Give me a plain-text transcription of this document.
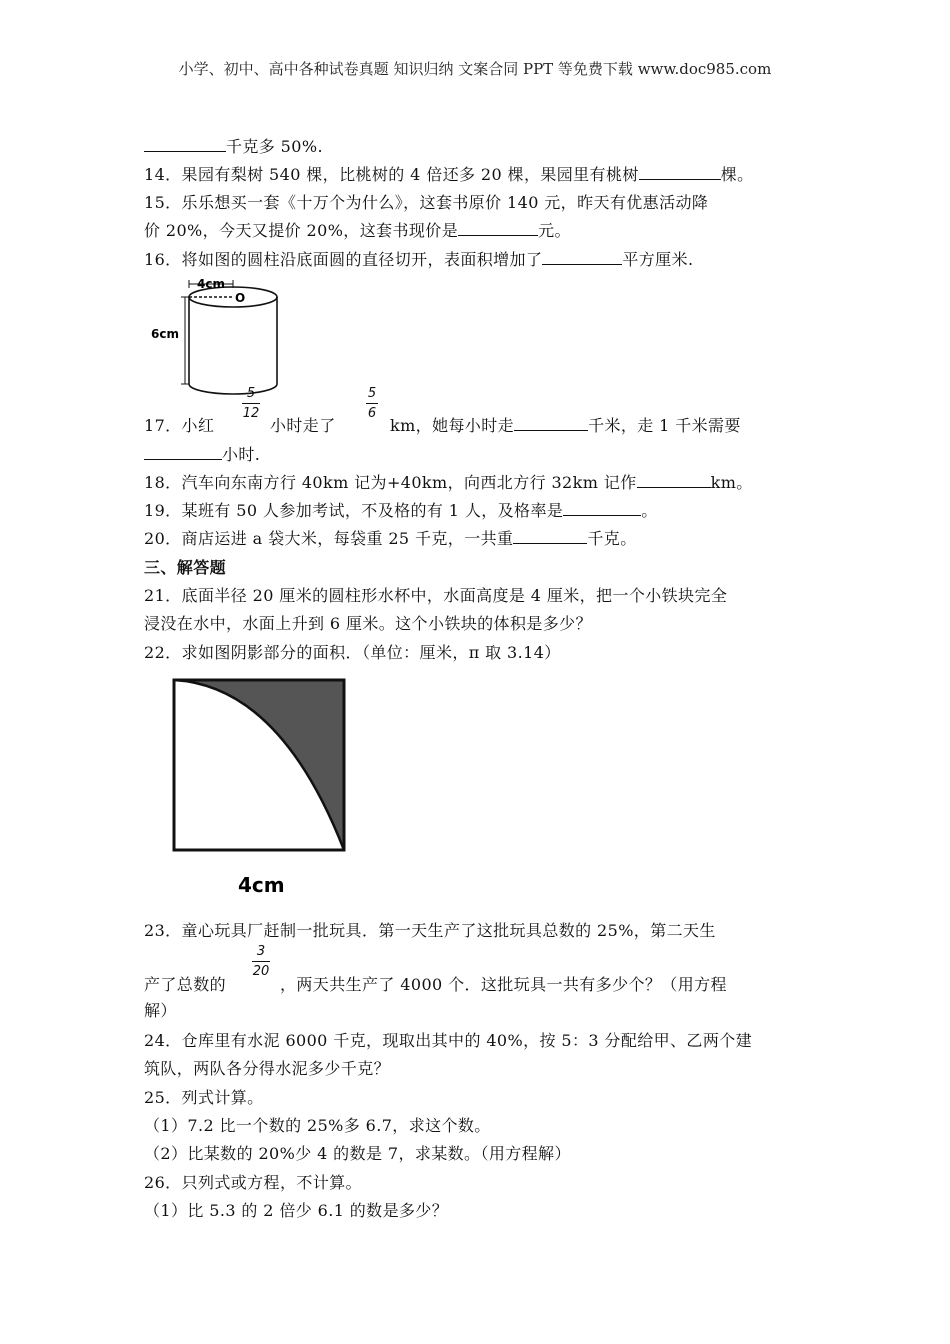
小学、初中、高中各种试卷真题 知识归纳 文案合同 PPT 等免费下载 www.doc985.com
千克多 50%.
14．果园有梨树 540 棵，比桃树的 4 倍还多 20 棵，果园里有桃树	棵。
15．乐乐想买一套《十万个为什么》，这套书原价 140 元，昨天有优惠活动降
价 20%，今天又提价 20%，这套书现价是	元。
16．将如图的圆柱沿底面圆的直径切开，表面积增加了	平方厘米.
4cm
O
6cm
17．小红
5
12
小时走了
5
6
km，她每小时走	千米，走 1 千米需要
小时.
18．汽车向东南方行 40km 记为+40km，向西北方行 32km 记作	km。
19．某班有 50 人参加考试，不及格的有 1 人，及格率是	。
20．商店运进 a 袋大米，每袋重 25 千克，一共重	千克。
三、解答题
21．底面半径 20 厘米的圆柱形水杯中，水面高度是 4 厘米，把一个小铁块完全
浸没在水中，水面上升到 6 厘米。这个小铁块的体积是多少？
22．求如图阴影部分的面积．（单位：厘米，π 取 3.14）
4cm
23．童心玩具厂赶制一批玩具．第一天生产了这批玩具总数的 25%，第二天生
产了总数的
3
20
，两天共生产了 4000 个．这批玩具一共有多少个？（用方程
解）
24．仓库里有水泥 6000 千克，现取出其中的 40%，按 5：3 分配给甲、乙两个建
筑队，两队各分得水泥多少千克？
25．列式计算。
（1）7.2 比一个数的 25%多 6.7，求这个数。
（2）比某数的 20%少 4 的数是 7，求某数。（用方程解）
26．只列式或方程，不计算。
（1）比 5.3 的 2 倍少 6.1 的数是多少？
